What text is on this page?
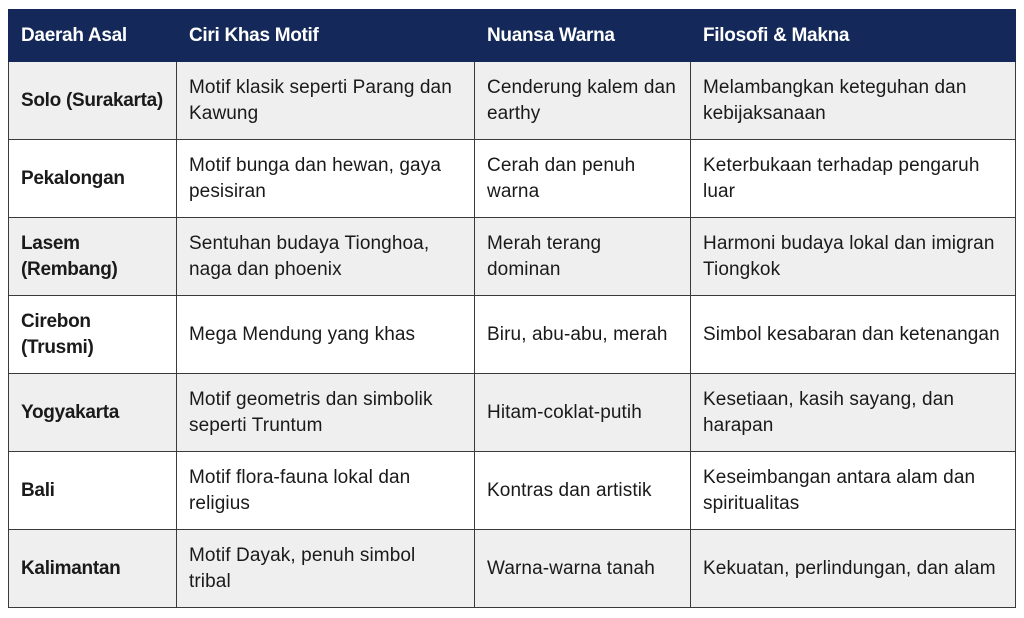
Daerah Asal	Ciri Khas Motif	Nuansa Warna	Filosofi & Makna
Solo (Surakarta)	Motif klasik seperti Parang dan Kawung	Cenderung kalem dan earthy	Melambangkan keteguhan dan kebijaksanaan
Pekalongan	Motif bunga dan hewan, gaya pesisiran	Cerah dan penuh warna	Keterbukaan terhadap pengaruh luar
Lasem (Rembang)	Sentuhan budaya Tionghoa, naga dan phoenix	Merah terang dominan	Harmoni budaya lokal dan imigran Tiongkok
Cirebon (Trusmi)	Mega Mendung yang khas	Biru, abu-abu, merah	Simbol kesabaran dan ketenangan
Yogyakarta	Motif geometris dan simbolik seperti Truntum	Hitam-coklat-putih	Kesetiaan, kasih sayang, dan harapan
Bali	Motif flora-fauna lokal dan religius	Kontras dan artistik	Keseimbangan antara alam dan spiritualitas
Kalimantan	Motif Dayak, penuh simbol tribal	Warna-warna tanah	Kekuatan, perlindungan, dan alam
